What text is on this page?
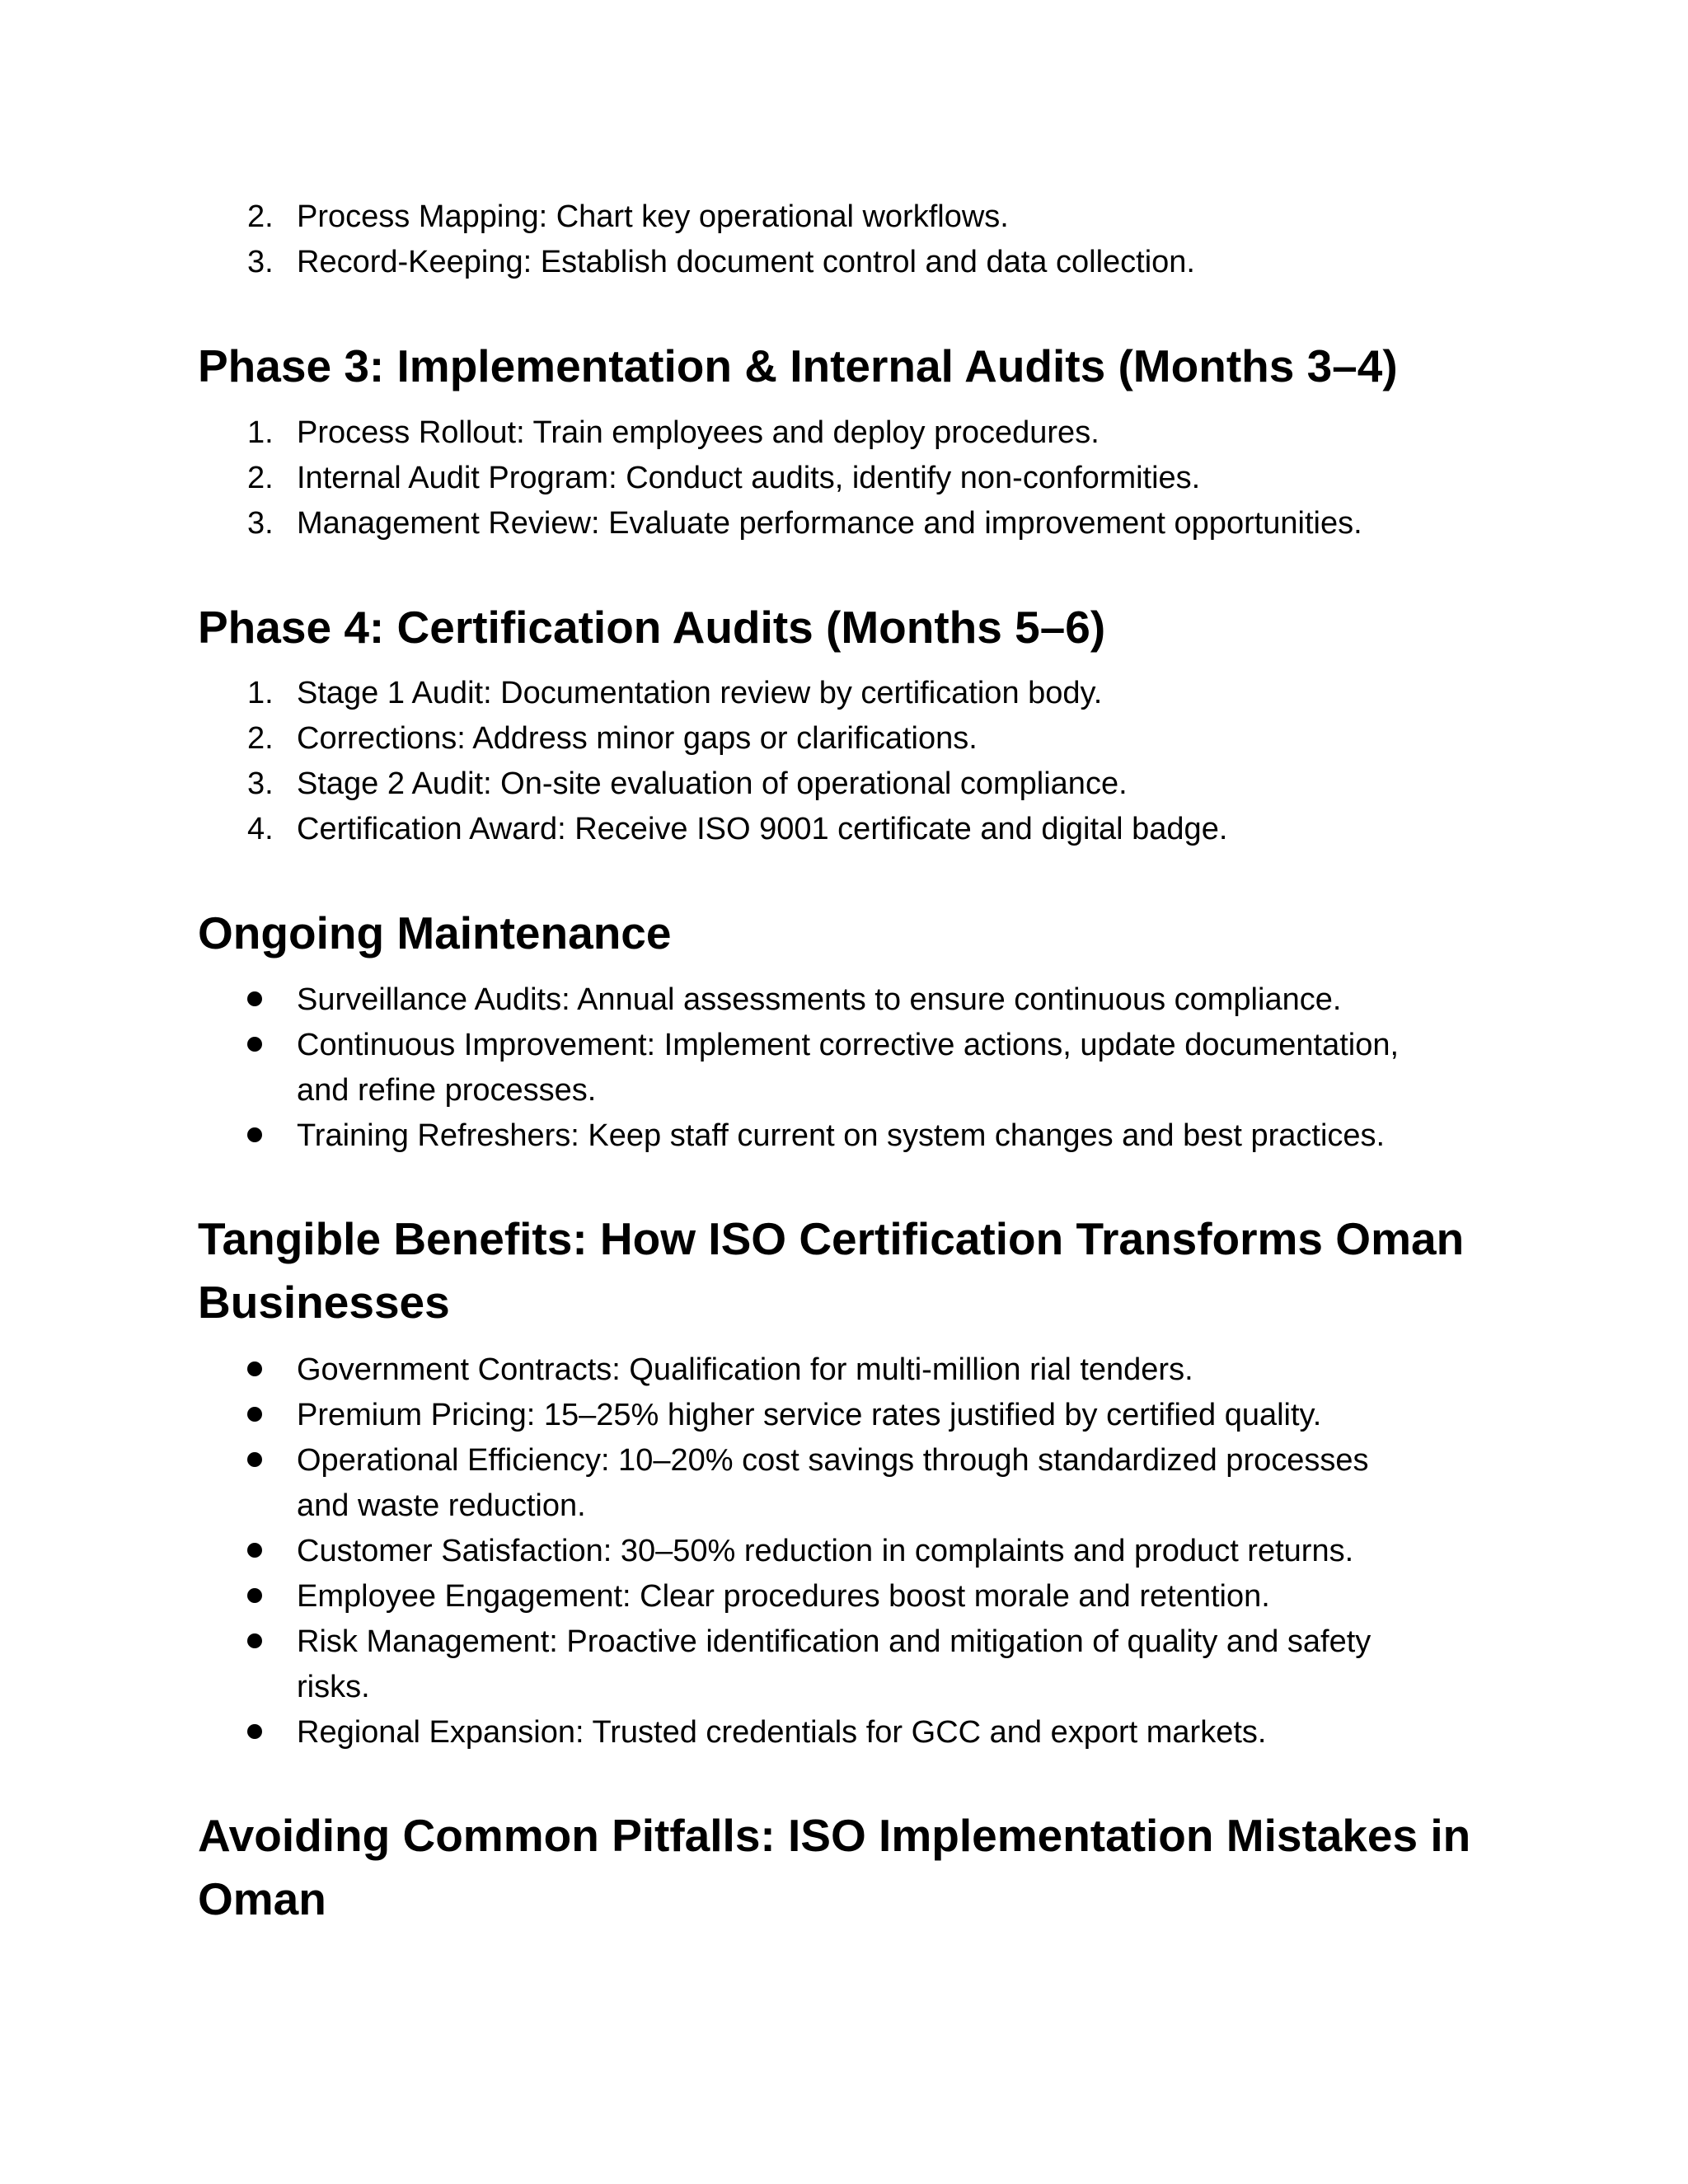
2. Process Mapping: Chart key operational workflows.
3. Record-Keeping: Establish document control and data collection.
Phase 3: Implementation & Internal Audits (Months 3–4)
1. Process Rollout: Train employees and deploy procedures.
2. Internal Audit Program: Conduct audits, identify non-conformities.
3. Management Review: Evaluate performance and improvement opportunities.
Phase 4: Certification Audits (Months 5–6)
1. Stage 1 Audit: Documentation review by certification body.
2. Corrections: Address minor gaps or clarifications.
3. Stage 2 Audit: On-site evaluation of operational compliance.
4. Certification Award: Receive ISO 9001 certificate and digital badge.
Ongoing Maintenance
Surveillance Audits: Annual assessments to ensure continuous compliance.
Continuous Improvement: Implement corrective actions, update documentation,
and refine processes.
Training Refreshers: Keep staff current on system changes and best practices.
Tangible Benefits: How ISO Certification Transforms Oman
Businesses
Government Contracts: Qualification for multi-million rial tenders.
Premium Pricing: 15–25% higher service rates justified by certified quality.
Operational Efficiency: 10–20% cost savings through standardized processes
and waste reduction.
Customer Satisfaction: 30–50% reduction in complaints and product returns.
Employee Engagement: Clear procedures boost morale and retention.
Risk Management: Proactive identification and mitigation of quality and safety
risks.
Regional Expansion: Trusted credentials for GCC and export markets.
Avoiding Common Pitfalls: ISO Implementation Mistakes in
Oman
